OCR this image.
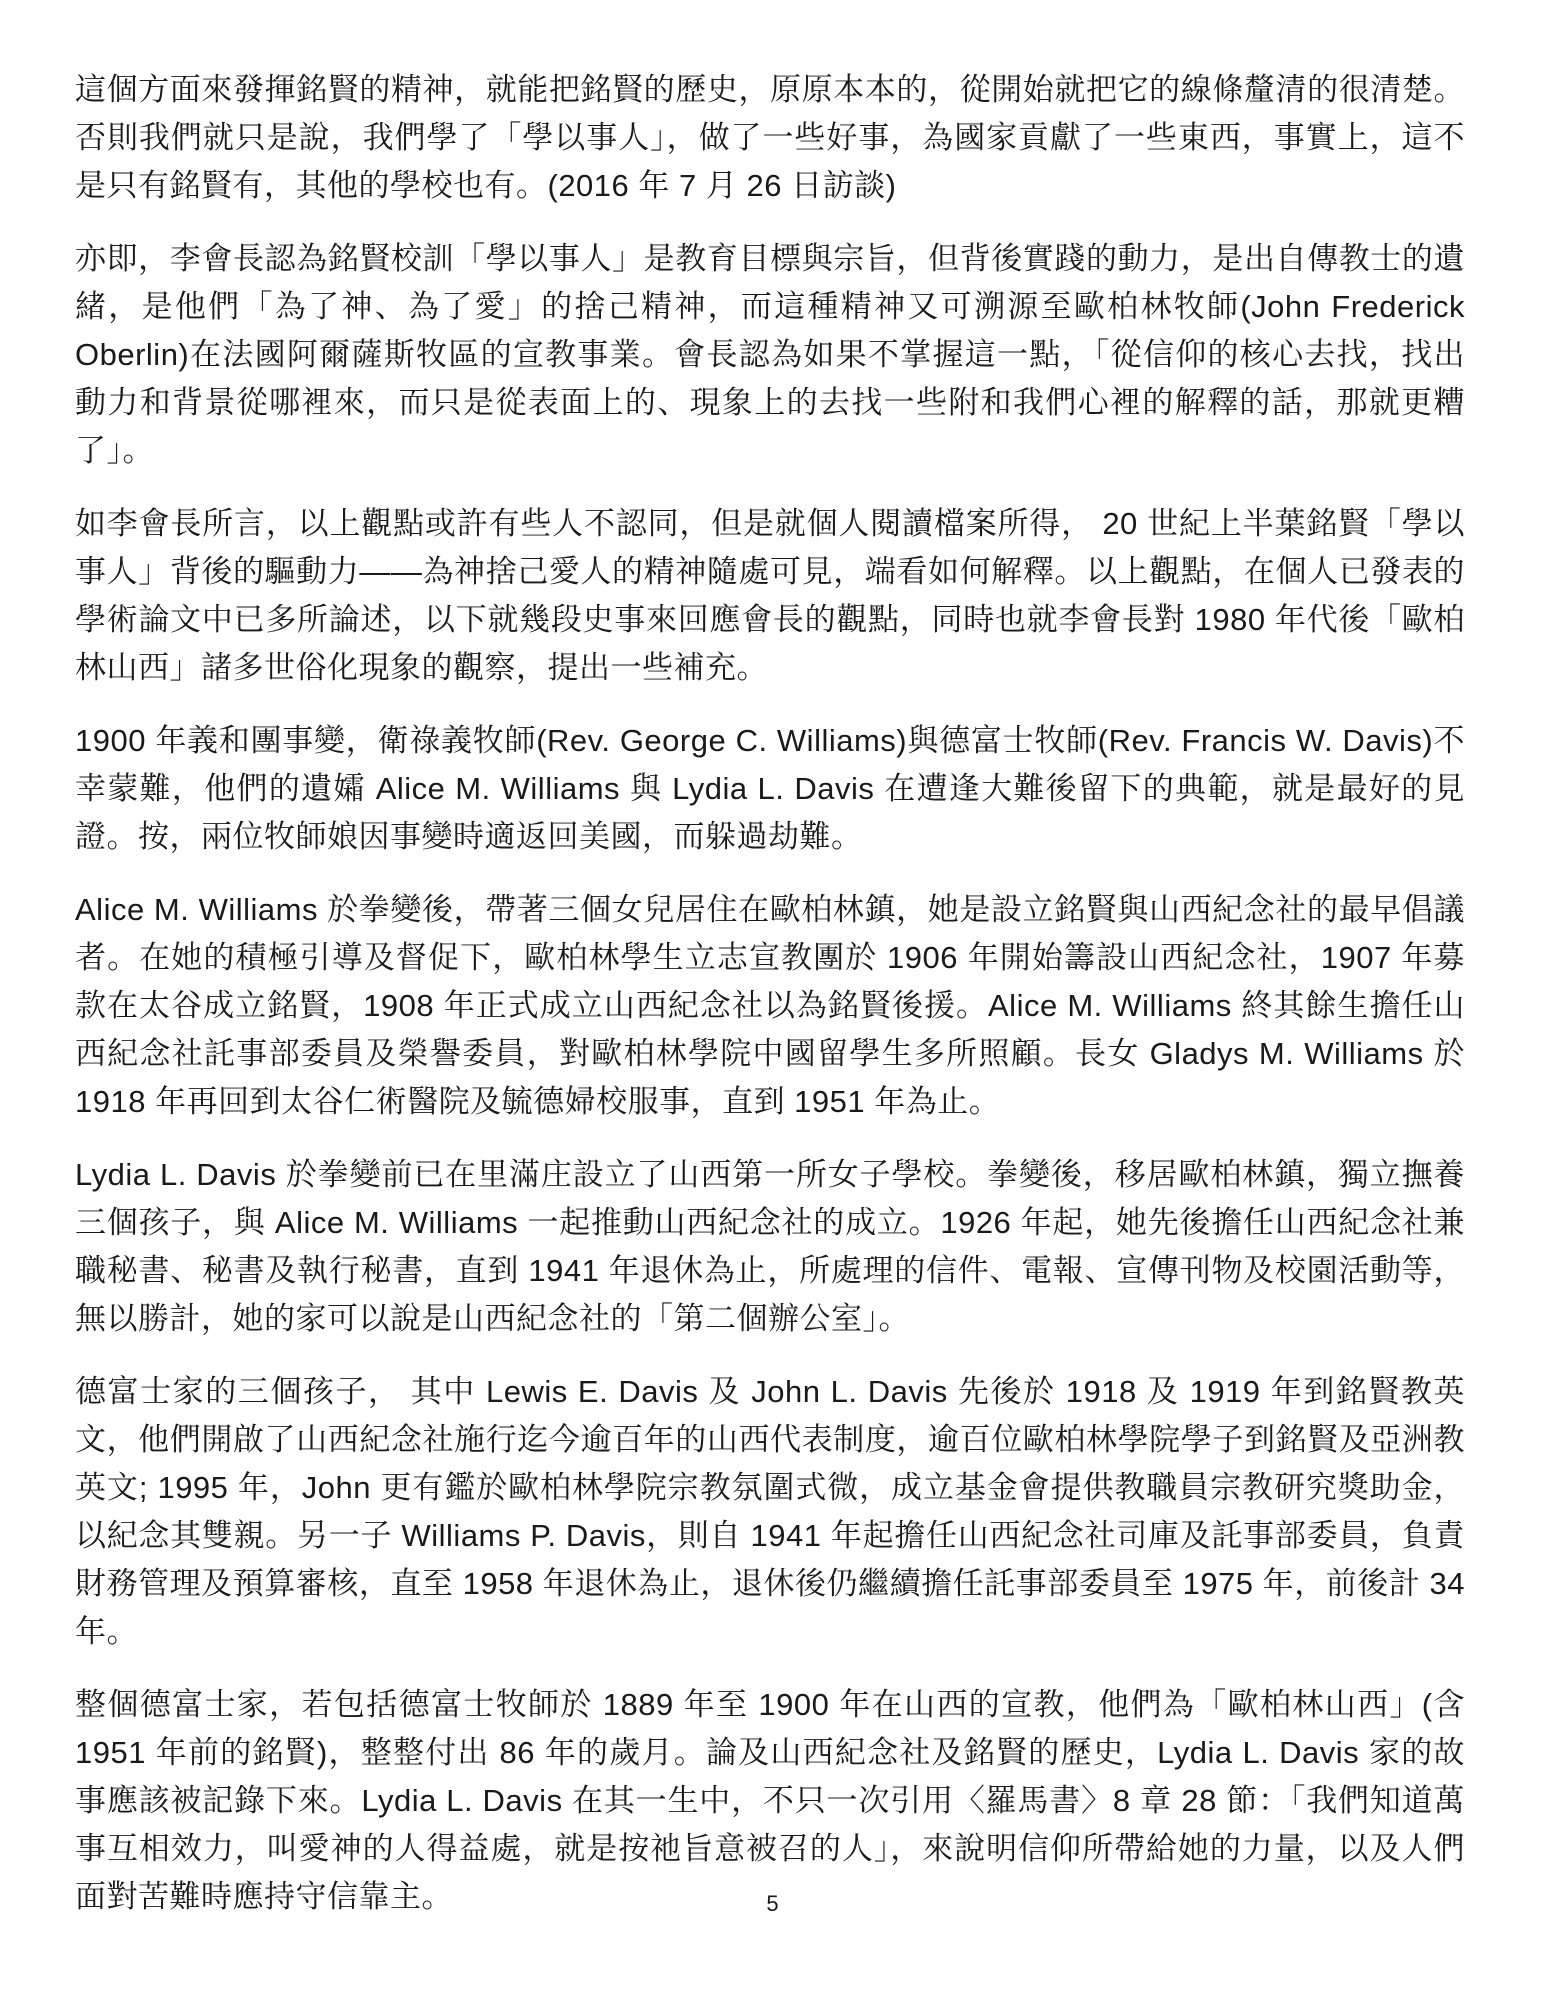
這個方面來發揮銘賢的精神，就能把銘賢的歷史，原原本本的，從開始就把它的線條釐清的很清楚。否則我們就只是說，我們學了「學以事人」，做了一些好事，為國家貢獻了一些東西，事實上，這不是只有銘賢有，其他的學校也有。(2016 年 7 月 26 日訪談)

亦即，李會長認為銘賢校訓「學以事人」是教育目標與宗旨，但背後實踐的動力，是出自傳教士的遺緒，是他們「為了神、為了愛」的捨己精神，而這種精神又可溯源至歐柏林牧師(John Frederick Oberlin)在法國阿爾薩斯牧區的宣教事業。會長認為如果不掌握這一點，「從信仰的核心去找，找出動力和背景從哪裡來，而只是從表面上的、現象上的去找一些附和我們心裡的解釋的話，那就更糟了」。

如李會長所言，以上觀點或許有些人不認同，但是就個人閱讀檔案所得， 20 世紀上半葉銘賢「學以事人」背後的驅動力——為神捨己愛人的精神隨處可見，端看如何解釋。以上觀點，在個人已發表的學術論文中已多所論述，以下就幾段史事來回應會長的觀點，同時也就李會長對 1980 年代後「歐柏林山西」諸多世俗化現象的觀察，提出一些補充。

1900 年義和團事變，衛祿義牧師(Rev. George C. Williams)與德富士牧師(Rev. Francis W. Davis)不幸蒙難，他們的遺孀 Alice M. Williams 與 Lydia L. Davis 在遭逢大難後留下的典範，就是最好的見證。按，兩位牧師娘因事變時適返回美國，而躲過劫難。

Alice M. Williams 於拳變後，帶著三個女兒居住在歐柏林鎮，她是設立銘賢與山西紀念社的最早倡議者。在她的積極引導及督促下，歐柏林學生立志宣教團於 1906 年開始籌設山西紀念社，1907 年募款在太谷成立銘賢，1908 年正式成立山西紀念社以為銘賢後援。Alice M. Williams 終其餘生擔任山西紀念社託事部委員及榮譽委員，對歐柏林學院中國留學生多所照顧。長女 Gladys M. Williams 於 1918 年再回到太谷仁術醫院及毓德婦校服事，直到 1951 年為止。

Lydia L. Davis 於拳變前已在里滿庄設立了山西第一所女子學校。拳變後，移居歐柏林鎮，獨立撫養三個孩子，與 Alice M. Williams 一起推動山西紀念社的成立。1926 年起，她先後擔任山西紀念社兼職秘書、秘書及執行秘書，直到 1941 年退休為止，所處理的信件、電報、宣傳刊物及校園活動等，無以勝計，她的家可以說是山西紀念社的「第二個辦公室」。

德富士家的三個孩子， 其中 Lewis E. Davis 及 John L. Davis 先後於 1918 及 1919 年到銘賢教英文，他們開啟了山西紀念社施行迄今逾百年的山西代表制度，逾百位歐柏林學院學子到銘賢及亞洲教英文; 1995 年，John 更有鑑於歐柏林學院宗教氛圍式微，成立基金會提供教職員宗教研究獎助金，以紀念其雙親。另一子 Williams P. Davis，則自 1941 年起擔任山西紀念社司庫及託事部委員，負責財務管理及預算審核，直至 1958 年退休為止，退休後仍繼續擔任託事部委員至 1975 年，前後計 34 年。

整個德富士家，若包括德富士牧師於 1889 年至 1900 年在山西的宣教，他們為「歐柏林山西」(含 1951 年前的銘賢)，整整付出 86 年的歲月。論及山西紀念社及銘賢的歷史，Lydia L. Davis 家的故事應該被記錄下來。Lydia L. Davis 在其一生中，不只一次引用〈羅馬書〉8 章 28 節：「我們知道萬事互相效力，叫愛神的人得益處，就是按祂旨意被召的人」，來說明信仰所帶給她的力量，以及人們面對苦難時應持守信靠主。	5
